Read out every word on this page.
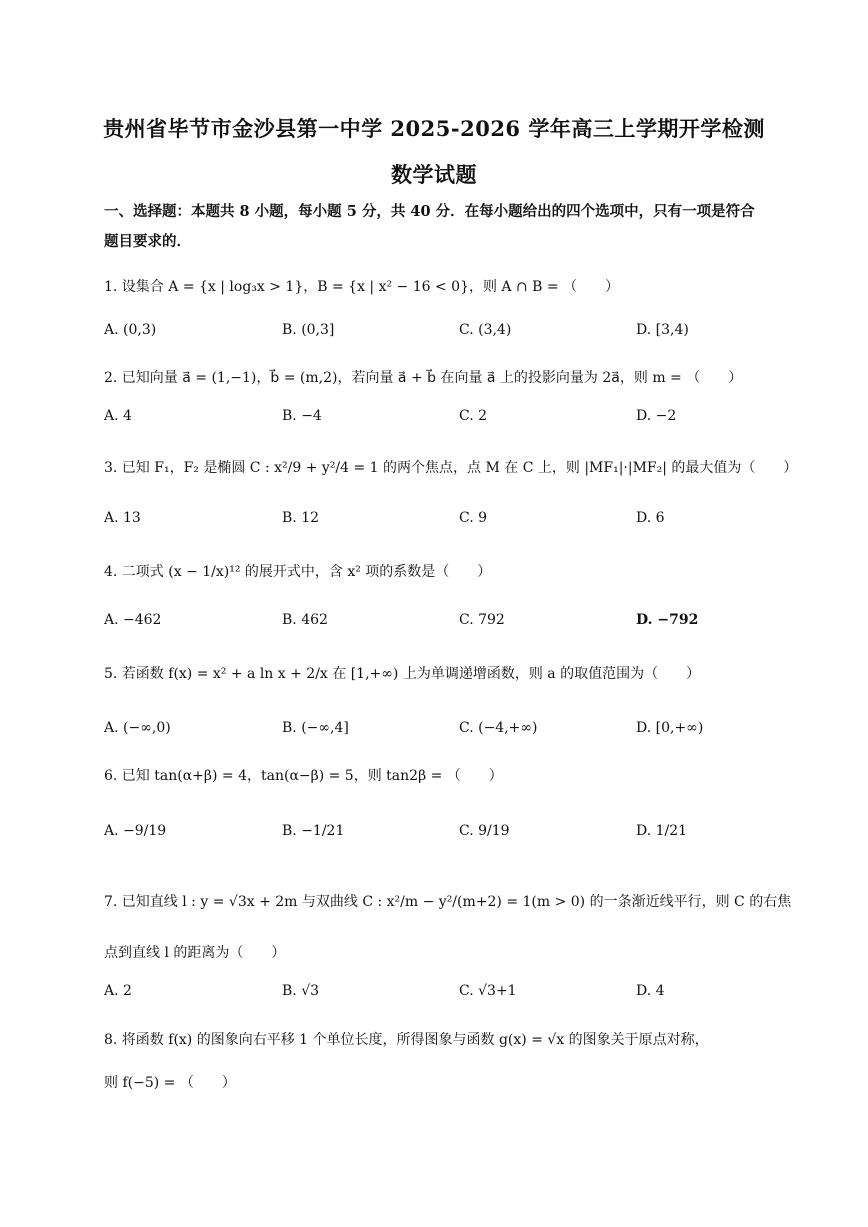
贵州省毕节市金沙县第一中学 2025-2026 学年高三上学期开学检测
数学试题
一、选择题：本题共 8 小题，每小题 5 分，共 40 分．在每小题给出的四个选项中，只有一项是符合
题目要求的．
1. 设集合 A = {x | log₃x > 1}，B = {x | x² − 16 < 0}，则 A ∩ B = （　　）
A. (0,3)	B. (0,3]	C. (3,4)	D. [3,4)
2. 已知向量 a⃗ = (1,−1)，b⃗ = (m,2)，若向量 a⃗ + b⃗ 在向量 a⃗ 上的投影向量为 2a⃗，则 m = （　　）
A. 4	B. −4	C. 2	D. −2
3. 已知 F₁，F₂ 是椭圆 C : x²/9 + y²/4 = 1 的两个焦点，点 M 在 C 上，则 |MF₁|·|MF₂| 的最大值为（　　）
A. 13	B. 12	C. 9	D. 6
4. 二项式 (x − 1/x)¹² 的展开式中，含 x² 项的系数是（　　）
A. −462	B. 462	C. 792	D. −792
5. 若函数 f(x) = x² + a ln x + 2/x 在 [1,+∞) 上为单调递增函数，则 a 的取值范围为（　　）
A. (−∞,0)	B. (−∞,4]	C. (−4,+∞)	D. [0,+∞)
6. 已知 tan(α+β) = 4，tan(α−β) = 5，则 tan2β = （　　）
A. −9/19	B. −1/21	C. 9/19	D. 1/21
7. 已知直线 l : y = √3x + 2m 与双曲线 C : x²/m − y²/(m+2) = 1(m > 0) 的一条渐近线平行，则 C 的右焦
点到直线 l 的距离为（　　）
A. 2	B. √3	C. √3+1	D. 4
8. 将函数 f(x) 的图象向右平移 1 个单位长度，所得图象与函数 g(x) = √x 的图象关于原点对称，
则 f(−5) = （　　）
